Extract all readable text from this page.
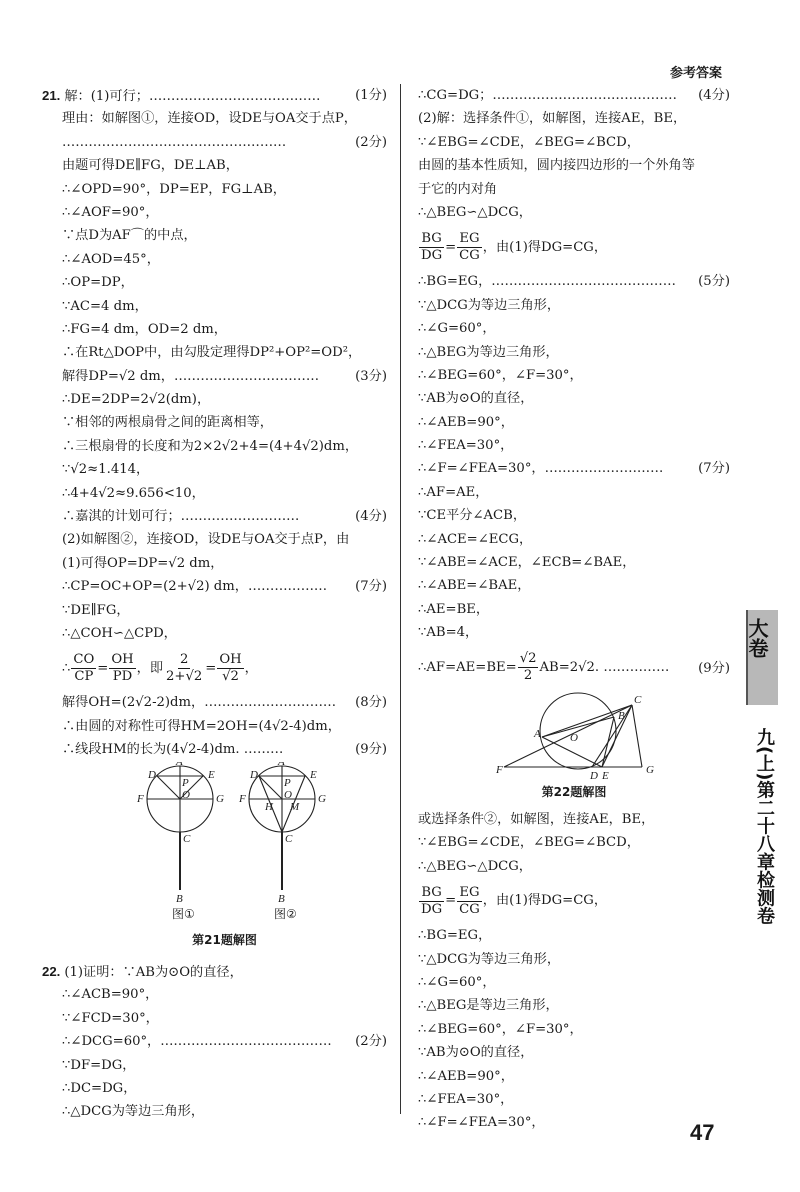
参考答案
21. 解：(1)可行；…………………………………	(1分)
理由：如解图①，连接OD，设DE与OA交于点P，
……………………………………………	(2分)
由题可得DE∥FG，DE⊥AB，
∴∠OPD=90°，DP=EP，FG⊥AB，
∴∠AOF=90°，
∵点D为AF⌒的中点，
∴∠AOD=45°，
∴OP=DP，
∵AC=4 dm，
∴FG=4 dm，OD=2 dm，
∴在Rt△DOP中，由勾股定理得DP²+OP²=OD²，
解得DP=√2 dm，……………………………	(3分)
∴DE=2DP=2√2(dm)，
∵相邻的两根扇骨之间的距离相等，
∴三根扇骨的长度和为2×2√2+4=(4+4√2)dm，
∵√2≈1.414，
∴4+4√2≈9.656<10，
∴嘉淇的计划可行；………………………	(4分)
(2)如解图②，连接OD，设DE与OA交于点P，由
(1)可得OP=DP=√2 dm，
∴CP=OC+OP=(2+√2) dm，……………… (7分)
∵DE∥FG，
∴△COH∽△CPD，
∴ $\frac{CO}{CP} = \frac{OH}{PD}$ ，即 $\frac{2}{2+√2} = \frac{OH}{√2}$ ，
解得OH=(2√2-2)dm，………………………… (8分)
∴由圆的对称性可得HM=2OH=(4√2-4)dm，
∴线段HM的长为(4√2-4)dm. ………	(9分)
A
D	E
P
O
F	G
C
B
A
D	E
P
O
H M
F	G
C
B
图①	图②
第21题解图
22. (1)证明：∵AB为⊙O的直径，
∴∠ACB=90°，
∵∠FCD=30°，
∴∠DCG=60°，………………………………… (2分)
∵DF=DG，
∴DC=DG，
∴△DCG为等边三角形，
∴CG=DG；…………………………………… (4分)
(2)解：选择条件①，如解图，连接AE，BE，
∵∠EBG=∠CDE，∠BEG=∠BCD，
由圆的基本性质知，圆内接四边形的一个外角等
于它的内对角
∴△BEG∽△DCG，
$\frac{BG}{DG} = \frac{EG}{CG}$ ，由(1)得DG=CG，
∴BG=EG，…………………………………… (5分)
∵△DCG为等边三角形，
∴∠G=60°，
∴△BEG为等边三角形，
∴∠BEG=60°，∠F=30°，
∵AB为⊙O的直径，
∴∠AEB=90°，
∴∠FEA=30°，
∴∠F=∠FEA=30°，………………………	(7分)
∴AF=AE，
∵CE平分∠ACB，
∴∠ACE=∠ECG，
∵∠ABE=∠ACE，∠ECB=∠BAE，
∴∠ABE=∠BAE，
∴AE=BE，
∵AB=4，
∴AF=AE=BE= $\frac{√2}{2} AB=2√2$. …………… (9分)
A
B
C
D E
F	G
O
第22题解图
或选择条件②，如解图，连接AE，BE，
∵∠EBG=∠CDE，∠BEG=∠BCD，
∴△BEG∽△DCG，
$\frac{BG}{DG} = \frac{EG}{CG}$ ，由(1)得DG=CG，
∴BG=EG，
∵△DCG为等边三角形，
∴∠G=60°，
∴△BEG是等边三角形，
∴∠BEG=60°，∠F=30°，
∵AB为⊙O的直径，
∴∠AEB=90°，
∴∠FEA=30°，
∴∠F=∠FEA=30°，
大卷
九(上)第二十八章检测卷
47
